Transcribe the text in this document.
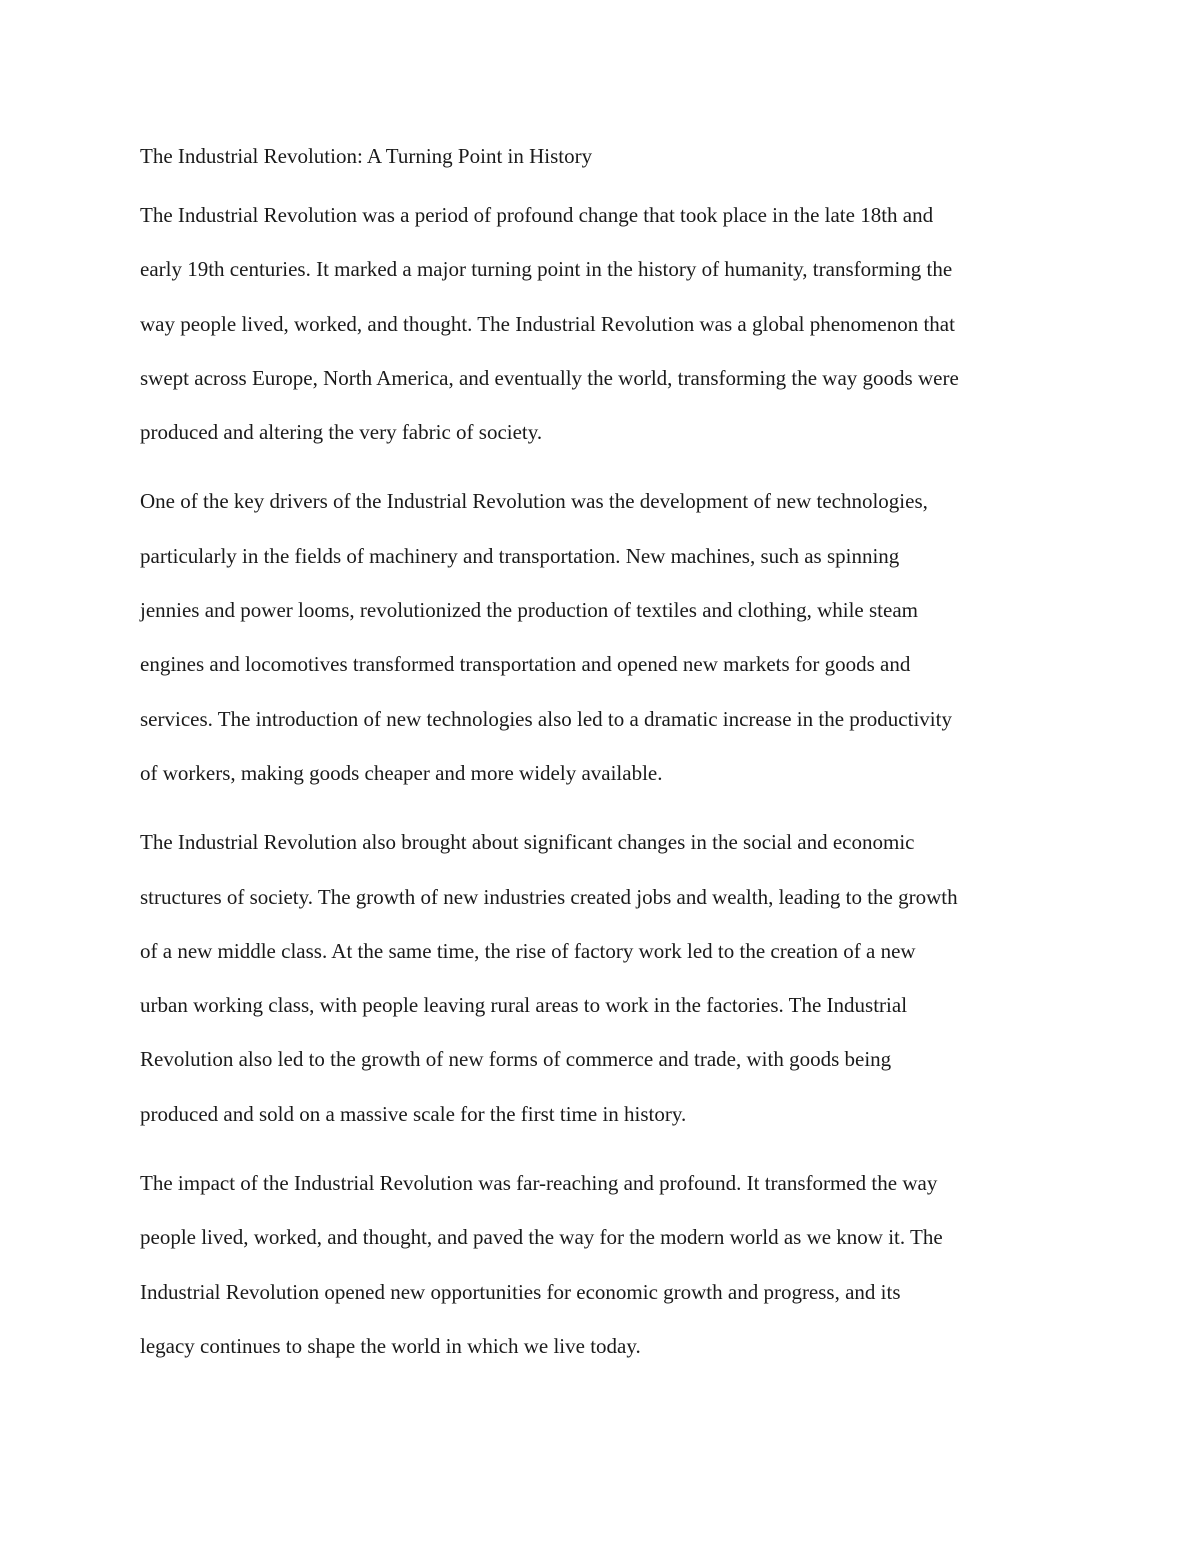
The Industrial Revolution: A Turning Point in History

The Industrial Revolution was a period of profound change that took place in the late 18th and
early 19th centuries. It marked a major turning point in the history of humanity, transforming the
way people lived, worked, and thought. The Industrial Revolution was a global phenomenon that
swept across Europe, North America, and eventually the world, transforming the way goods were
produced and altering the very fabric of society.

One of the key drivers of the Industrial Revolution was the development of new technologies,
particularly in the fields of machinery and transportation. New machines, such as spinning
jennies and power looms, revolutionized the production of textiles and clothing, while steam
engines and locomotives transformed transportation and opened new markets for goods and
services. The introduction of new technologies also led to a dramatic increase in the productivity
of workers, making goods cheaper and more widely available.

The Industrial Revolution also brought about significant changes in the social and economic
structures of society. The growth of new industries created jobs and wealth, leading to the growth
of a new middle class. At the same time, the rise of factory work led to the creation of a new
urban working class, with people leaving rural areas to work in the factories. The Industrial
Revolution also led to the growth of new forms of commerce and trade, with goods being
produced and sold on a massive scale for the first time in history.

The impact of the Industrial Revolution was far-reaching and profound. It transformed the way
people lived, worked, and thought, and paved the way for the modern world as we know it. The
Industrial Revolution opened new opportunities for economic growth and progress, and its
legacy continues to shape the world in which we live today.
